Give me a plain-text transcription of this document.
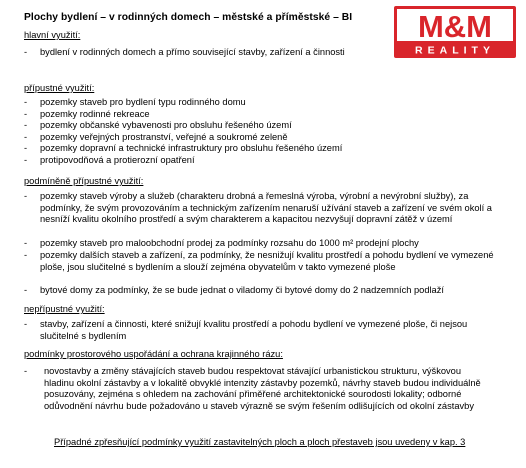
Plochy bydlení – v rodinných domech – městské a příměstské – BI M&M
REALITY
hlavní využití:
- bydlení v rodinných domech a přímo související stavby, zařízení a činnosti
přípustné využití:
- pozemky staveb pro bydlení typu rodinného domu
- pozemky rodinné rekreace
- pozemky občanské vybavenosti pro obsluhu řešeného území
- pozemky veřejných prostranství, veřejné a soukromé zeleně
- pozemky dopravní a technické infrastruktury pro obsluhu řešeného území
- protipovodňová a protierozní opatření
podmíněně přípustné využití:
- pozemky staveb výroby a služeb (charakteru drobná a řemeslná výroba, výrobní a nevýrobní služby), za podmínky, že svým provozováním a technickým zařízením nenaruší užívání staveb a zařízení ve svém okolí a nesníží kvalitu okolního prostředí a svým charakterem a kapacitou nezvyšují dopravní zátěž v území
- pozemky staveb pro maloobchodní prodej za podmínky rozsahu do 1000 m² prodejní plochy
- pozemky dalších staveb a zařízení, za podmínky, že nesnižují kvalitu prostředí a pohodu bydlení ve vymezené ploše, jsou slučitelné s bydlením a slouží zejména obyvatelům v takto vymezené ploše
- bytové domy za podmínky, že se bude jednat o viladomy či bytové domy do 2 nadzemních podlaží
nepřípustné využití:
- stavby, zařízení a činnosti, které snižují kvalitu prostředí a pohodu bydlení ve vymezené ploše, či nejsou slučitelné s bydlením
podmínky prostorového uspořádání a ochrana krajinného rázu:
- novostavby a změny stávajících staveb budou respektovat stávající urbanistickou strukturu, výškovou hladinu okolní zástavby a v lokalitě obvyklé intenzity zástavby pozemků, návrhy staveb budou individuálně posuzovány, zejména s ohledem na zachování přiměřené architektonické sourodosti lokality; odborné odůvodnění návrhu bude požadováno u staveb výrazně se svým řešením odlišujících od okolní zástavby
Případné zpřesňující podmínky využití zastavitelných ploch a ploch přestaveb jsou uvedeny v kap. 3
